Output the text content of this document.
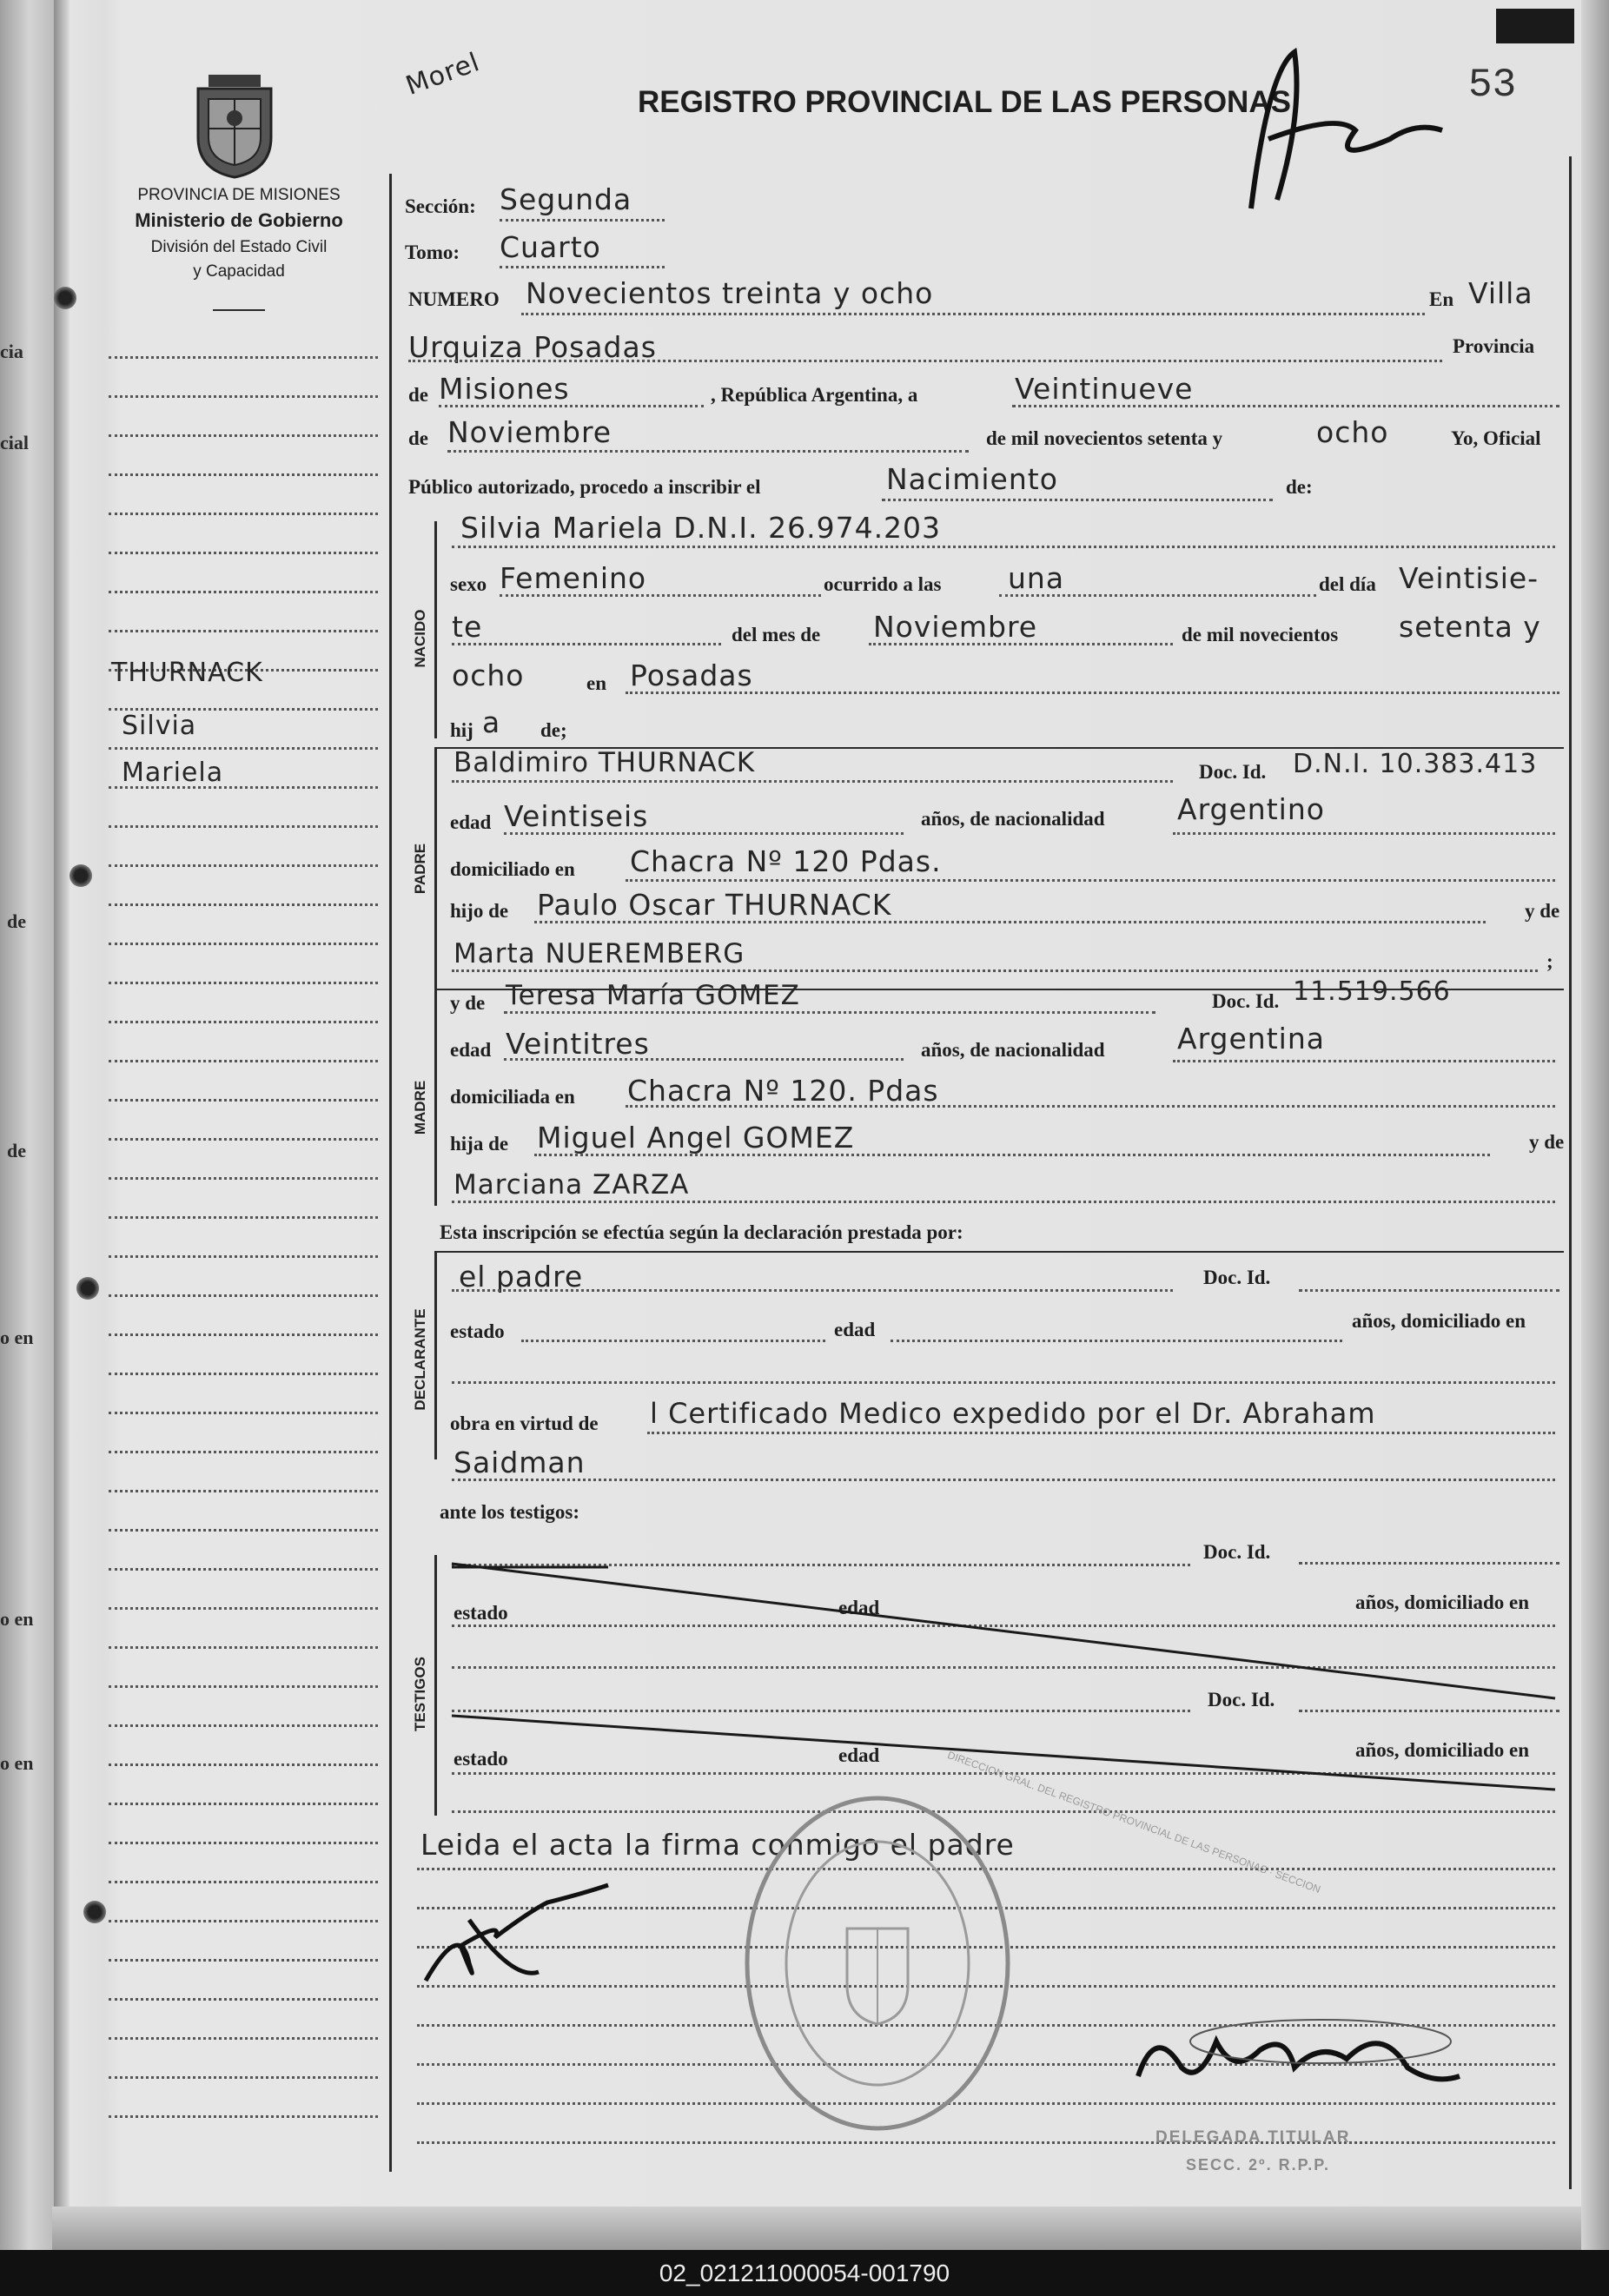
cia
cial
de
de
o en
o en
o en
PROVINCIA DE MISIONES
Ministerio de Gobierno
División del Estado Civil
y Capacidad
THURNACK
Silvia
Mariela
Morel
REGISTRO PROVINCIAL DE LAS PERSONAS	53
Sección: Segunda
Tomo: Cuarto
NUMERO Novecientos treinta y ocho	En Villa
Urquiza Posadas	Provincia
de Misiones	, República Argentina, a	Veintinueve
de Noviembre	de mil novecientos setenta y	ocho	Yo, Oficial
Público autorizado, procedo a inscribir el	Nacimiento	de:
NACIDO
Silvia Mariela D.N.I. 26.974.203
sexo Femenino	ocurrido a las una	del día Veintisie-
te	del mes de Noviembre	de mil novecientos setenta y
ocho	en Posadas
hij a de;
PADRE
Baldimiro THURNACK	Doc. Id. D.N.I. 10.383.413
edad Veintiseis	años, de nacionalidad	Argentino
domiciliado en Chacra Nº 120 Pdas.
hijo de Paulo Oscar THURNACK	y de
Marta NUEREMBERG	;
MADRE
y de Teresa María GOMEZ	Doc. Id. 11.519.566
edad Veintitres	años, de nacionalidad	Argentina
domiciliada en Chacra Nº 120. Pdas
hija de Miguel Angel GOMEZ	y de
Marciana ZARZA
Esta inscripción se efectúa según la declaración prestada por:
DECLARANTE
el padre	Doc. Id.
estado	edad	años, domiciliado en
obra en virtud de l Certificado Medico expedido por el Dr. Abraham
Saidman
ante los testigos:
TESTIGOS
Doc. Id.
estado	edad	años, domiciliado en
Doc. Id.
estado	edad	años, domiciliado en
Leida el acta la firma conmigo el padre
DIRECCION GRAL. DEL REGISTRO PROVINCIAL DE LAS PERSONAS · SECCION
DELEGADA TITULAR
SECC. 2º. R.P.P.
02_021211000054-001790
